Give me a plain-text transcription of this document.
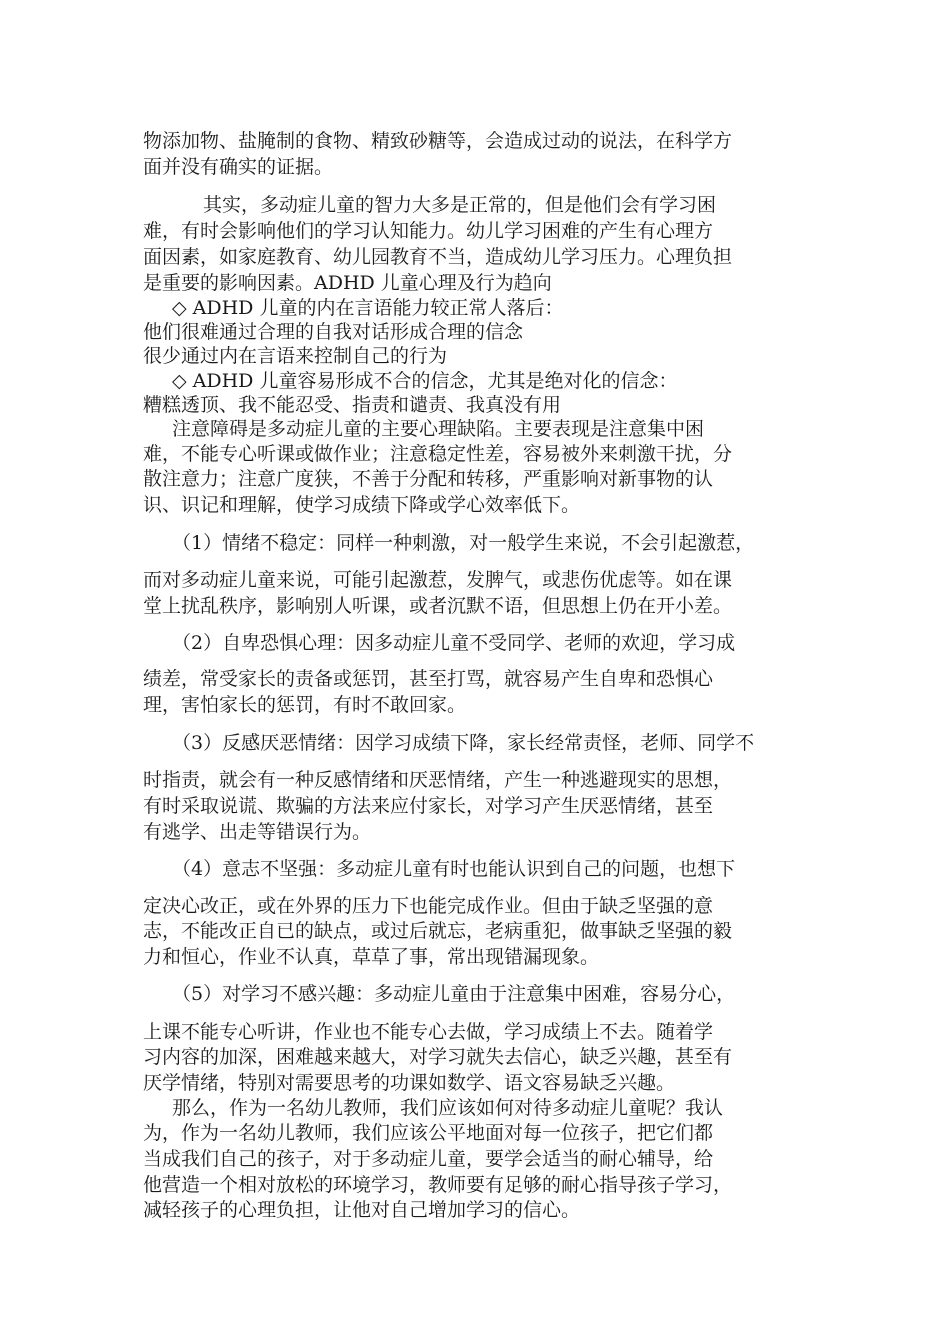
物添加物、盐腌制的食物、精致砂糖等，会造成过动的说法，在科学方
面并没有确实的证据。
其实，多动症儿童的智力大多是正常的，但是他们会有学习困
难，有时会影响他们的学习认知能力。幼儿学习困难的产生有心理方
面因素，如家庭教育、幼儿园教育不当，造成幼儿学习压力。心理负担
是重要的影响因素。ADHD 儿童心理及行为趋向
◇ ADHD 儿童的内在言语能力较正常人落后：
他们很难通过合理的自我对话形成合理的信念
很少通过内在言语来控制自己的行为
◇ ADHD 儿童容易形成不合的信念，尤其是绝对化的信念：
糟糕透顶、我不能忍受、指责和谴责、我真没有用
注意障碍是多动症儿童的主要心理缺陷。主要表现是注意集中困
难，不能专心听课或做作业；注意稳定性差，容易被外来刺激干扰，分
散注意力；注意广度狭，不善于分配和转移，严重影响对新事物的认
识、识记和理解，使学习成绩下降或学心效率低下。
（1）情绪不稳定：同样一种刺激，对一般学生来说，不会引起激惹，
而对多动症儿童来说，可能引起激惹，发脾气，或悲伤优虑等。如在课
堂上扰乱秩序，影响别人听课，或者沉默不语，但思想上仍在开小差。
（2）自卑恐惧心理：因多动症儿童不受同学、老师的欢迎，学习成
绩差，常受家长的责备或惩罚，甚至打骂，就容易产生自卑和恐惧心
理，害怕家长的惩罚，有时不敢回家。
（3）反感厌恶情绪：因学习成绩下降，家长经常责怪，老师、同学不
时指责，就会有一种反感情绪和厌恶情绪，产生一种逃避现实的思想，
有时采取说谎、欺骗的方法来应付家长，对学习产生厌恶情绪，甚至
有逃学、出走等错误行为。
（4）意志不坚强：多动症儿童有时也能认识到自己的问题，也想下
定决心改正，或在外界的压力下也能完成作业。但由于缺乏坚强的意
志，不能改正自已的缺点，或过后就忘，老病重犯，做事缺乏坚强的毅
力和恒心，作业不认真，草草了事，常出现错漏现象。
（5）对学习不感兴趣：多动症儿童由于注意集中困难，容易分心，
上课不能专心听讲，作业也不能专心去做，学习成绩上不去。随着学
习内容的加深，困难越来越大，对学习就失去信心，缺乏兴趣，甚至有
厌学情绪，特别对需要思考的功课如数学、语文容易缺乏兴趣。
那么，作为一名幼儿教师，我们应该如何对待多动症儿童呢？我认
为，作为一名幼儿教师，我们应该公平地面对每一位孩子，把它们都
当成我们自己的孩子，对于多动症儿童，要学会适当的耐心辅导，给
他营造一个相对放松的环境学习，教师要有足够的耐心指导孩子学习，
减轻孩子的心理负担，让他对自己增加学习的信心。
